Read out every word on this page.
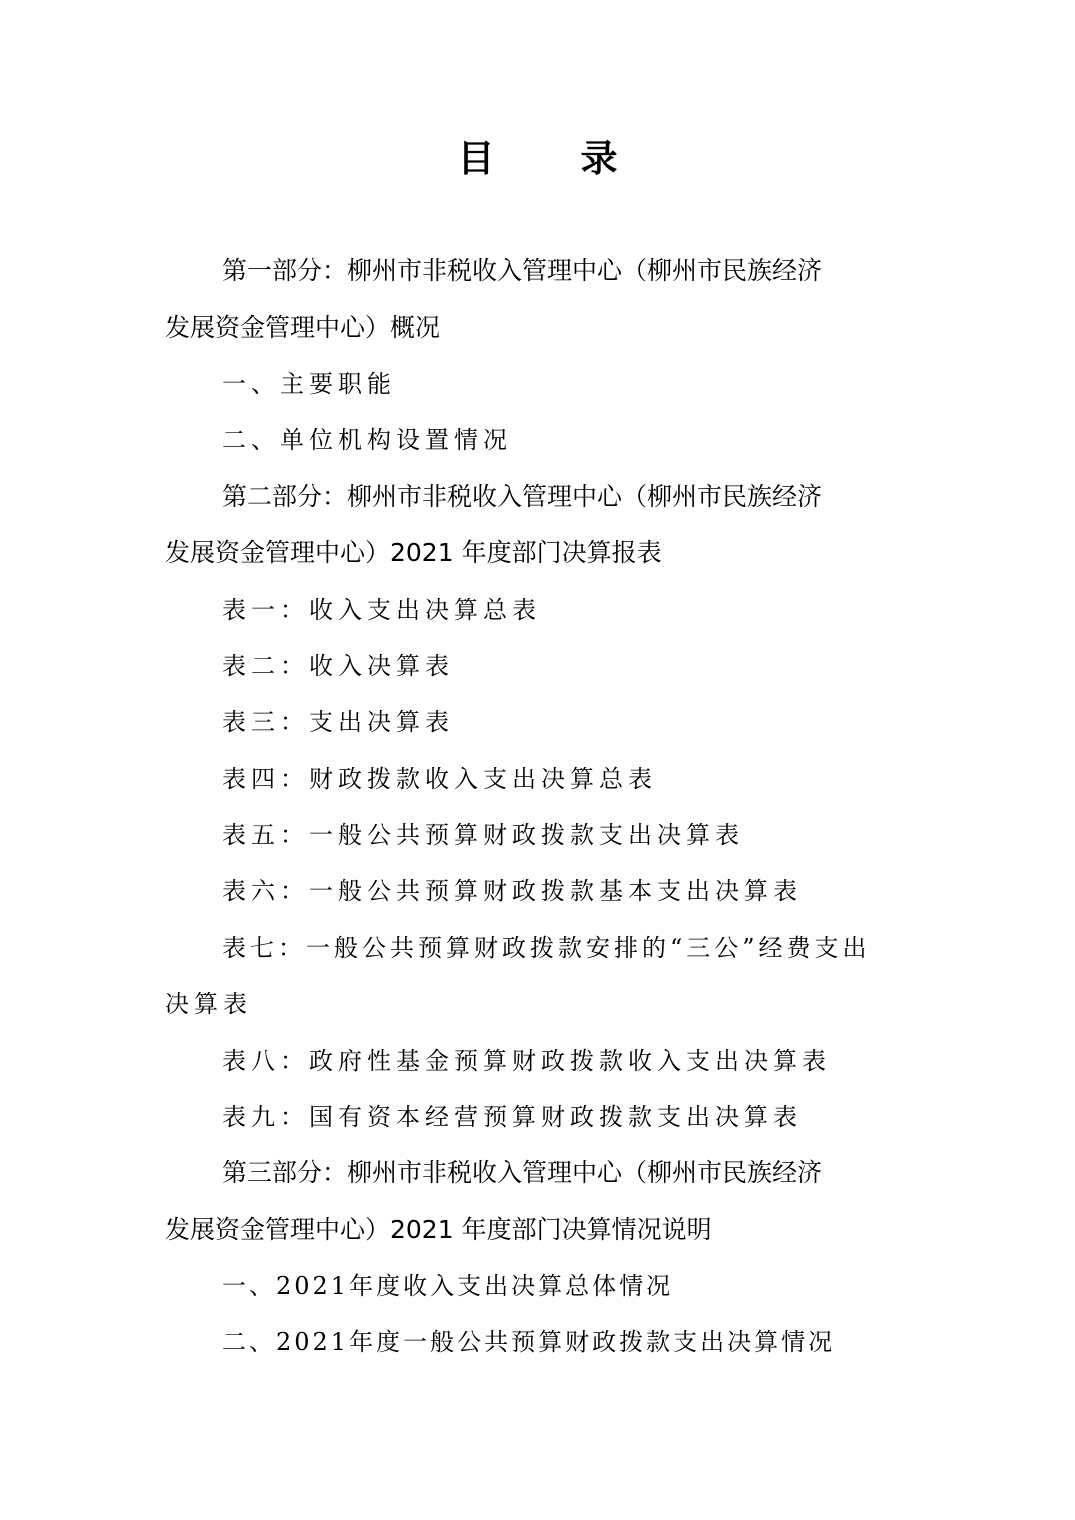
目 录
第一部分：柳州市非税收入管理中心（柳州市民族经济
发展资金管理中心）概况
一、主要职能
二、单位机构设置情况
第二部分：柳州市非税收入管理中心（柳州市民族经济
发展资金管理中心）2021 年度部门决算报表
表一：收入支出决算总表
表二：收入决算表
表三：支出决算表
表四：财政拨款收入支出决算总表
表五：一般公共预算财政拨款支出决算表
表六：一般公共预算财政拨款基本支出决算表
表七：一般公共预算财政拨款安排的“三公”经费支出
决算表
表八：政府性基金预算财政拨款收入支出决算表
表九：国有资本经营预算财政拨款支出决算表
第三部分：柳州市非税收入管理中心（柳州市民族经济
发展资金管理中心）2021 年度部门决算情况说明
一、2021年度收入支出决算总体情况
二、2021年度一般公共预算财政拨款支出决算情况
